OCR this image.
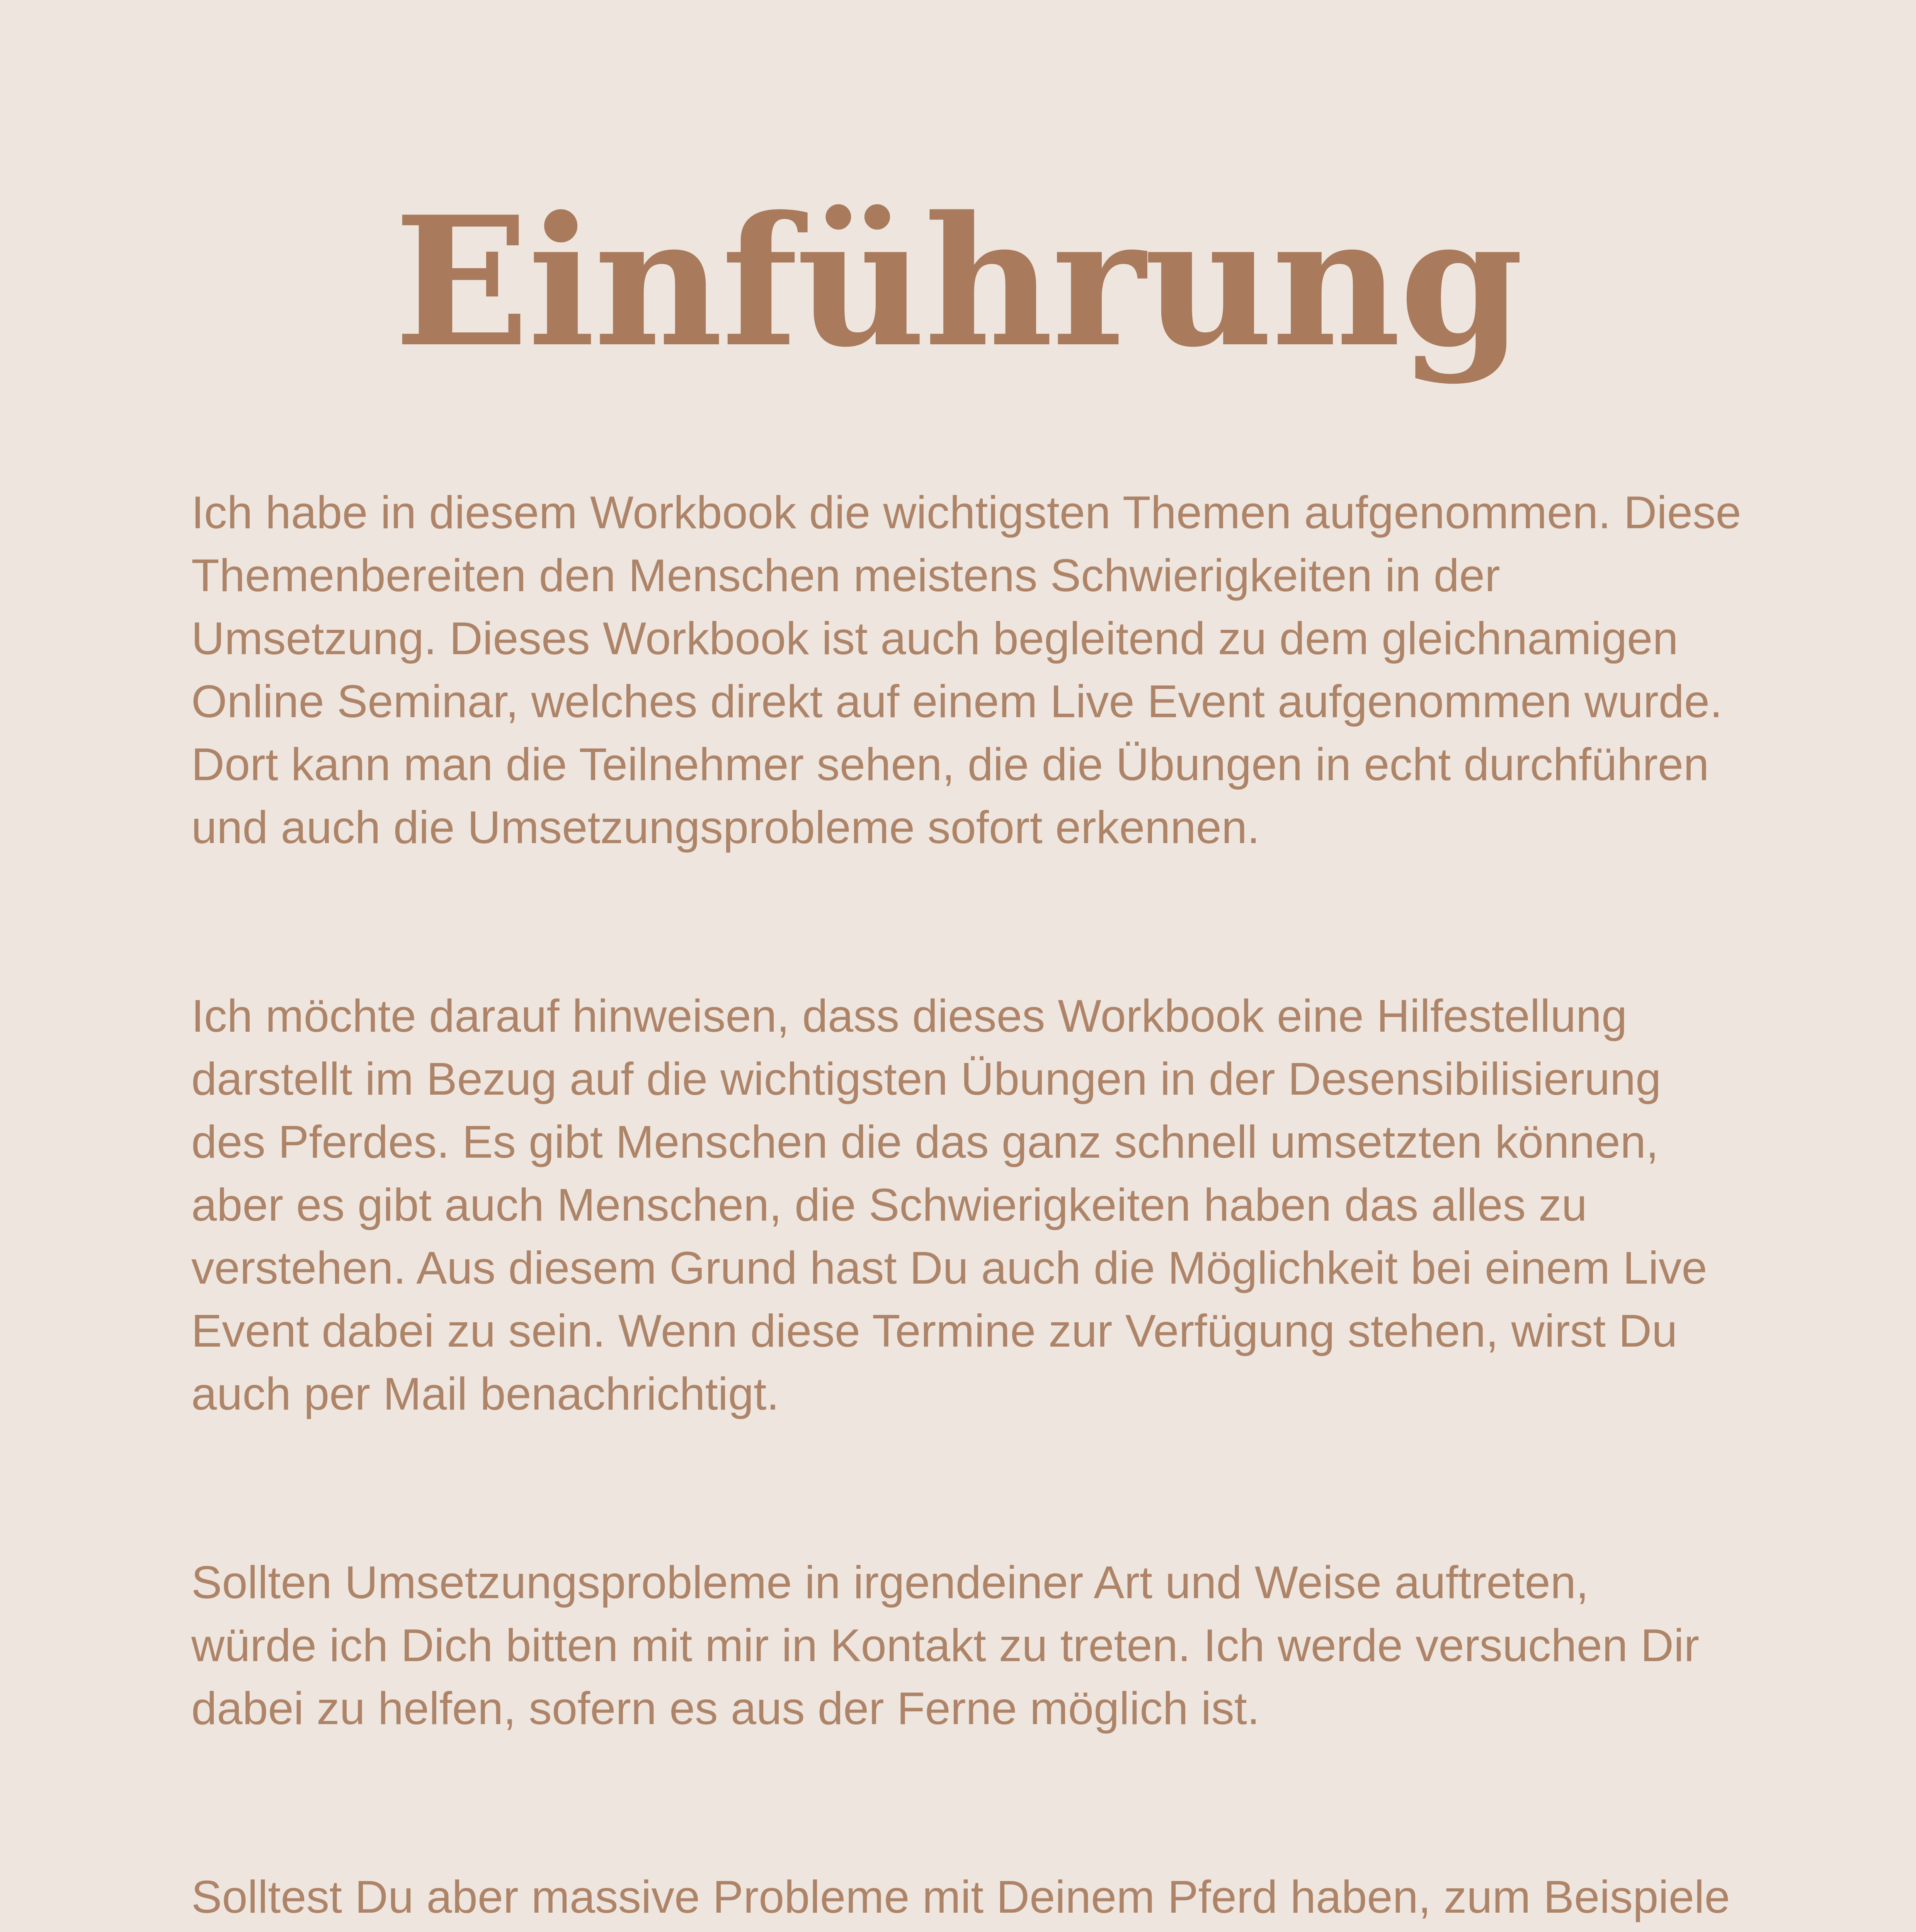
Einführung

Ich habe in diesem Workbook die wichtigsten Themen aufgenommen. Diese
Themenbereiten den Menschen meistens Schwierigkeiten in der
Umsetzung. Dieses Workbook ist auch begleitend zu dem gleichnamigen
Online Seminar, welches direkt auf einem Live Event aufgenommen wurde.
Dort kann man die Teilnehmer sehen, die die Übungen in echt durchführen
und auch die Umsetzungsprobleme sofort erkennen.

Ich möchte darauf hinweisen, dass dieses Workbook eine Hilfestellung
darstellt im Bezug auf die wichtigsten Übungen in der Desensibilisierung
des Pferdes. Es gibt Menschen die das ganz schnell umsetzten können,
aber es gibt auch Menschen, die Schwierigkeiten haben das alles zu
verstehen. Aus diesem Grund hast Du auch die Möglichkeit bei einem Live
Event dabei zu sein. Wenn diese Termine zur Verfügung stehen, wirst Du
auch per Mail benachrichtigt.

Sollten Umsetzungsprobleme in irgendeiner Art und Weise auftreten,
würde ich Dich bitten mit mir in Kontakt zu treten. Ich werde versuchen Dir
dabei zu helfen, sofern es aus der Ferne möglich ist.

Solltest Du aber massive Probleme mit Deinem Pferd haben, zum Beispiele
